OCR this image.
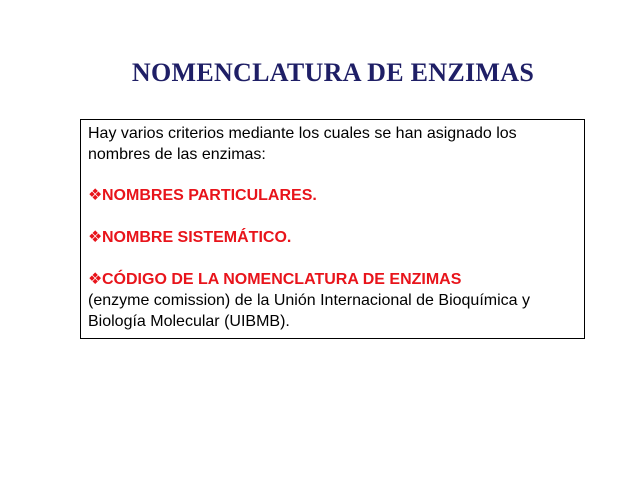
NOMENCLATURA DE ENZIMAS

Hay varios criterios mediante los cuales se han asignado los nombres de las enzimas:

❖NOMBRES PARTICULARES.

❖NOMBRE SISTEMÁTICO.

❖CÓDIGO DE LA NOMENCLATURA DE ENZIMAS

(enzyme comission) de la Unión Internacional de Bioquímica y Biología Molecular (UIBMB).
